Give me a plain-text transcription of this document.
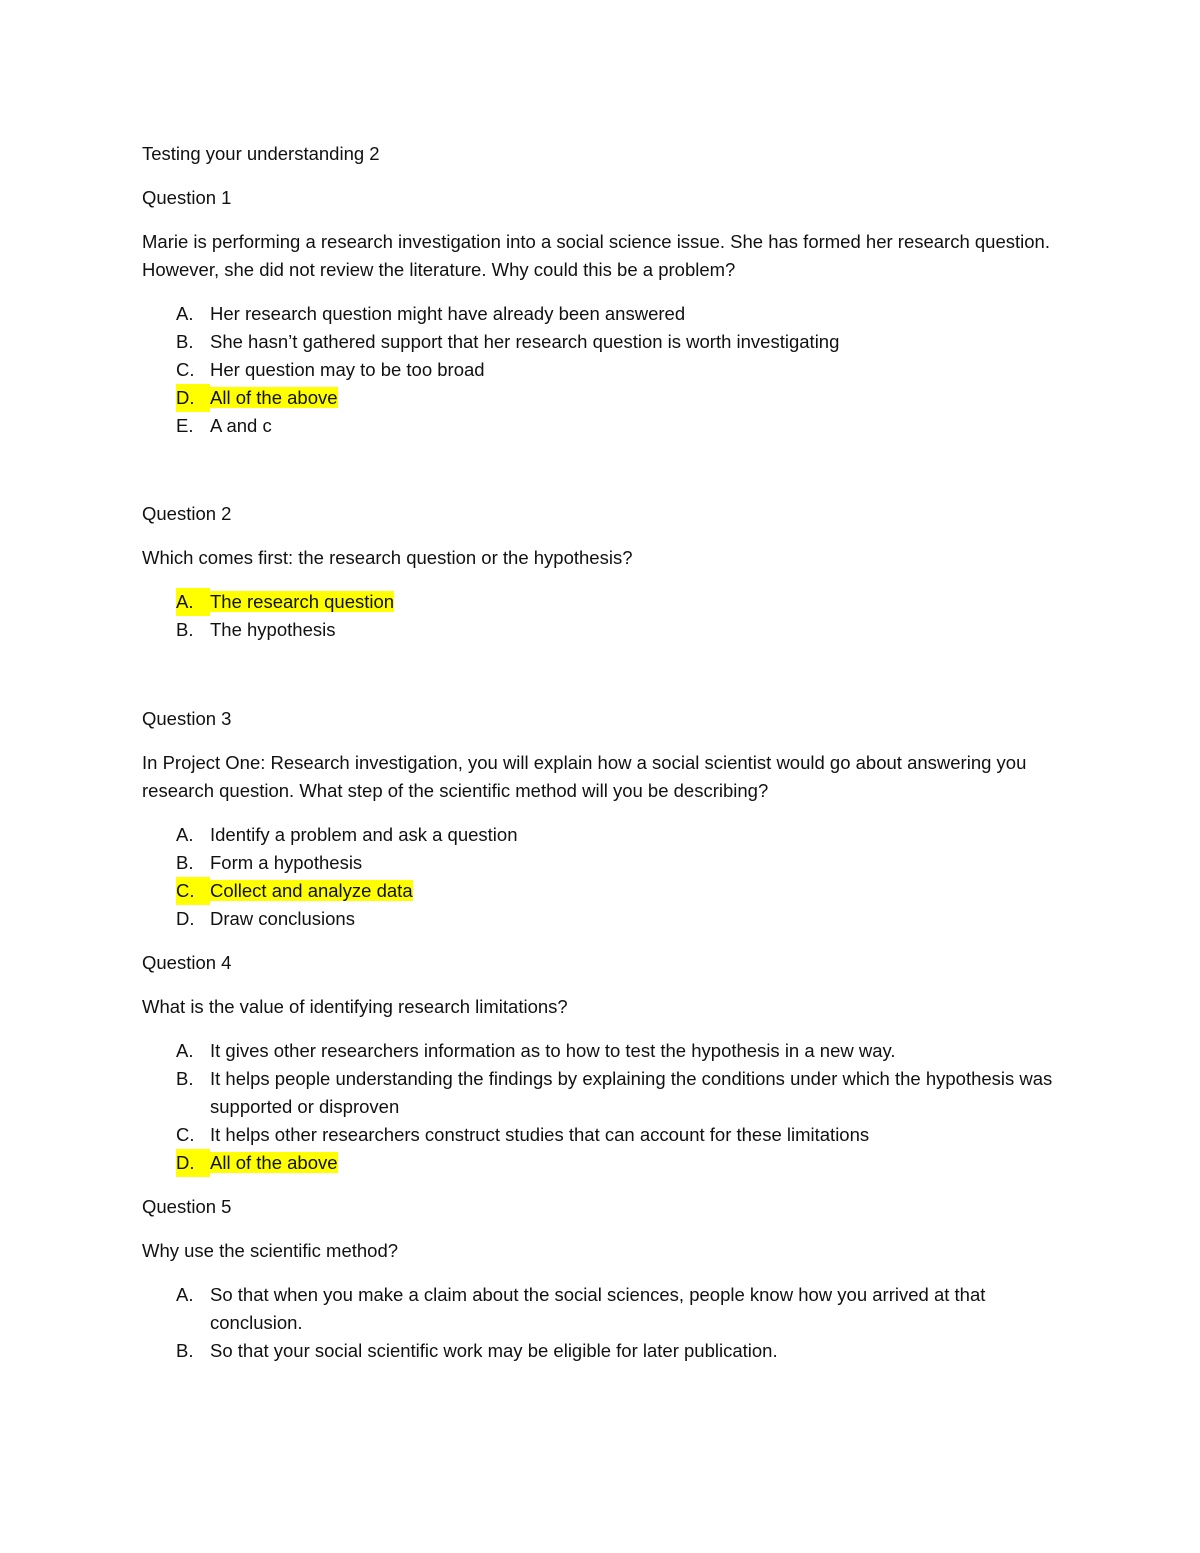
Testing your understanding 2

Question 1

Marie is performing a research investigation into a social science issue. She has formed her research question. However, she did not review the literature. Why could this be a problem?

A. Her research question might have already been answered
B. She hasn’t gathered support that her research question is worth investigating
C. Her question may to be too broad
D. All of the above
E. A and c

Question 2

Which comes first: the research question or the hypothesis?

A. The research question
B. The hypothesis

Question 3

In Project One: Research investigation, you will explain how a social scientist would go about answering you research question. What step of the scientific method will you be describing?

A. Identify a problem and ask a question
B. Form a hypothesis
C. Collect and analyze data
D. Draw conclusions

Question 4

What is the value of identifying research limitations?

A. It gives other researchers information as to how to test the hypothesis in a new way.
B. It helps people understanding the findings by explaining the conditions under which the hypothesis was supported or disproven
C. It helps other researchers construct studies that can account for these limitations
D. All of the above

Question 5

Why use the scientific method?

A. So that when you make a claim about the social sciences, people know how you arrived at that conclusion.
B. So that your social scientific work may be eligible for later publication.
